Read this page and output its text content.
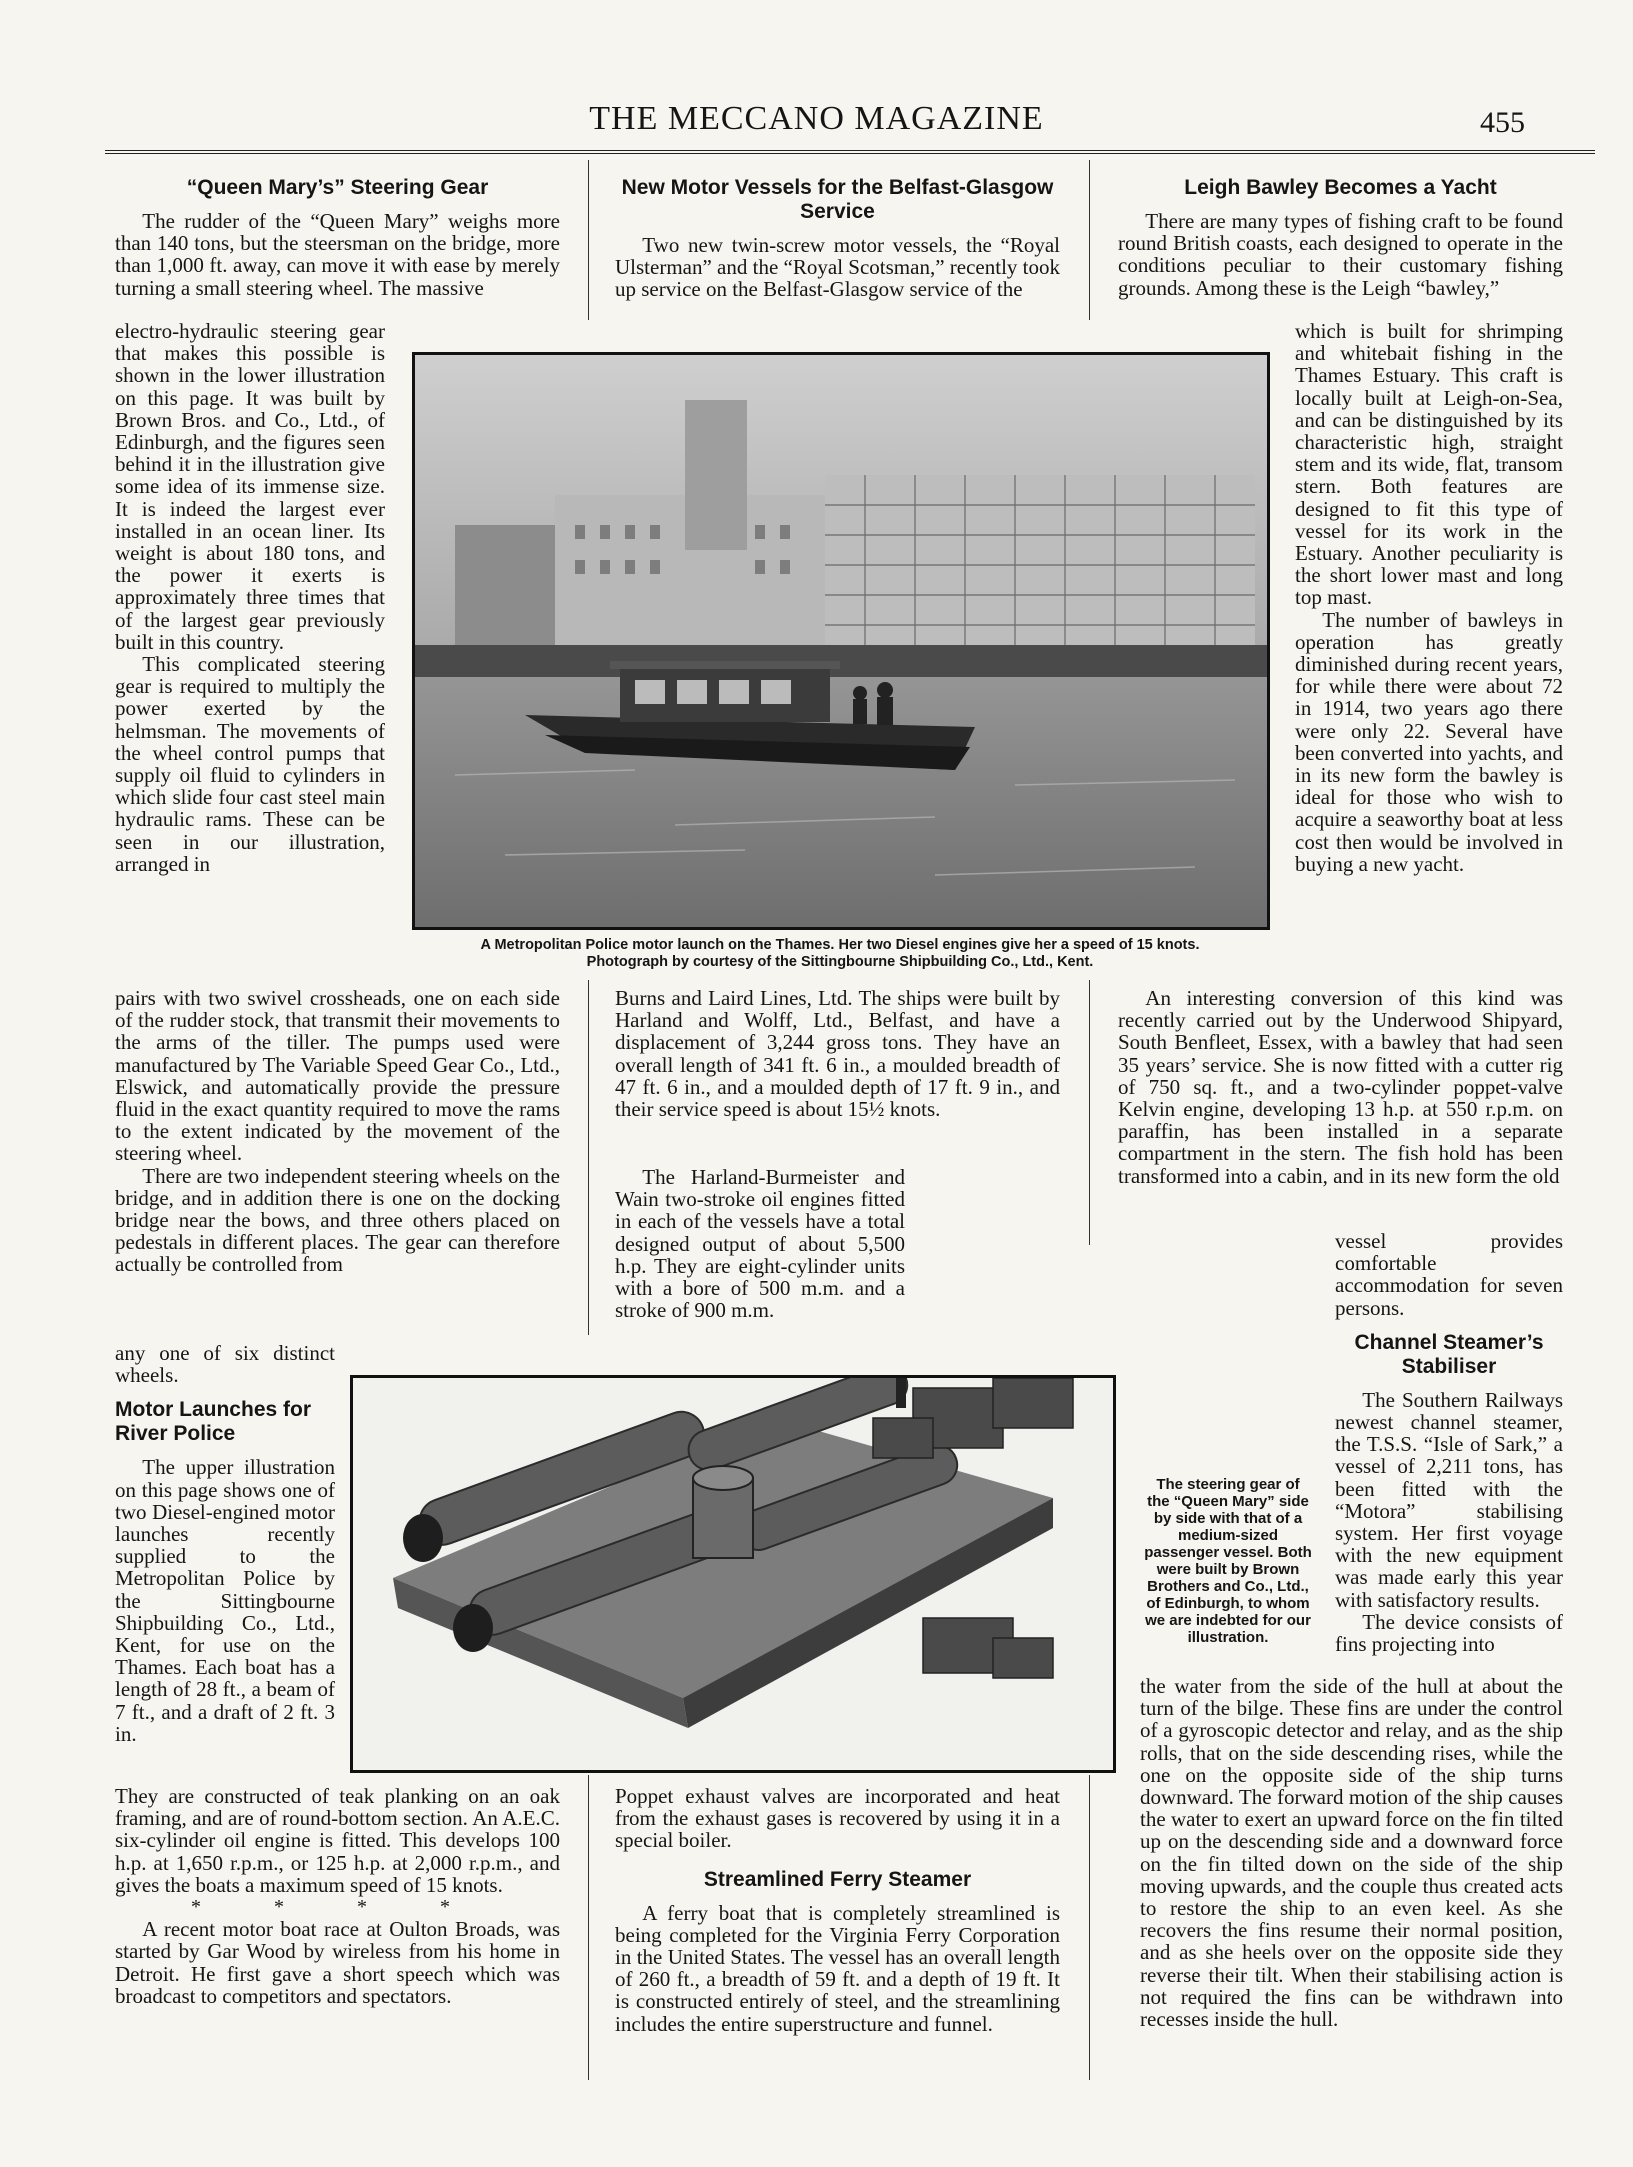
THE MECCANO MAGAZINE	455
“Queen Mary’s” Steering Gear

The rudder of the “Queen Mary” weighs more than 140 tons, but the steersman on the bridge, more than 1,000 ft. away, can move it with ease by merely turning a small steering wheel. The massive

electro-hydraulic steering gear that makes this possible is shown in the lower illustration on this page. It was built by Brown Bros. and Co., Ltd., of Edinburgh, and the figures seen behind it in the illustration give some idea of its immense size. It is indeed the largest ever installed in an ocean liner. Its weight is about 180 tons, and the power it exerts is approximately three times that of the largest gear previously built in this country.

This complicated steering gear is required to multiply the power exerted by the helmsman. The movements of the wheel control pumps that supply oil fluid to cylinders in which slide four cast steel main hydraulic rams. These can be seen in our illustration, arranged in

pairs with two swivel crossheads, one on each side of the rudder stock, that transmit their movements to the arms of the tiller. The pumps used were manufactured by The Variable Speed Gear Co., Ltd., Elswick, and automatically provide the pressure fluid in the exact quantity required to move the rams to the extent indicated by the movement of the steering wheel.

There are two independent steering wheels on the bridge, and in addition there is one on the docking bridge near the bows, and three others placed on pedestals in different places. The gear can therefore actually be controlled from

any one of six distinct wheels.

Motor Launches for River Police

The upper illustration on this page shows one of two Diesel-engined motor launches recently supplied to the Metropolitan Police by the Sittingbourne Shipbuilding Co., Ltd., Kent, for use on the Thames. Each boat has a length of 28 ft., a beam of 7 ft., and a draft of 2 ft. 3 in.

They are constructed of teak planking on an oak framing, and are of round-bottom section. An A.E.C. six-cylinder oil engine is fitted. This develops 100 h.p. at 1,650 r.p.m., or 125 h.p. at 2,000 r.p.m., and gives the boats a maximum speed of 15 knots.

* * * *

A recent motor boat race at Oulton Broads, was started by Gar Wood by wireless from his home in Detroit. He first gave a short speech which was broadcast to competitors and spectators.

New Motor Vessels for the Belfast-Glasgow Service

Two new twin-screw motor vessels, the “Royal Ulsterman” and the “Royal Scotsman,” recently took up service on the Belfast-Glasgow service of the

Burns and Laird Lines, Ltd. The ships were built by Harland and Wolff, Ltd., Belfast, and have a displacement of 3,244 gross tons. They have an overall length of 341 ft. 6 in., a moulded breadth of 47 ft. 6 in., and a moulded depth of 17 ft. 9 in., and their service speed is about 15½ knots.

The Harland-Burmeister and Wain two-stroke oil engines fitted in each of the vessels have a total designed output of about 5,500 h.p. They are eight-cylinder units with a bore of 500 m.m. and a stroke of 900 m.m.

Poppet exhaust valves are incorporated and heat from the exhaust gases is recovered by using it in a special boiler.

Streamlined Ferry Steamer

A ferry boat that is completely streamlined is being completed for the Virginia Ferry Corporation in the United States. The vessel has an overall length of 260 ft., a breadth of 59 ft. and a depth of 19 ft. It is constructed entirely of steel, and the streamlining includes the entire superstructure and funnel.

Leigh Bawley Becomes a Yacht

There are many types of fishing craft to be found round British coasts, each designed to operate in the conditions peculiar to their customary fishing grounds. Among these is the Leigh “bawley,”

which is built for shrimping and whitebait fishing in the Thames Estuary. This craft is locally built at Leigh-on-Sea, and can be distinguished by its characteristic high, straight stem and its wide, flat, transom stern. Both features are designed to fit this type of vessel for its work in the Estuary. Another peculiarity is the short lower mast and long top mast.

The number of bawleys in operation has greatly diminished during recent years, for while there were about 72 in 1914, two years ago there were only 22. Several have been converted into yachts, and in its new form the bawley is ideal for those who wish to acquire a seaworthy boat at less cost then would be involved in buying a new yacht.

An interesting conversion of this kind was recently carried out by the Underwood Shipyard, South Benfleet, Essex, with a bawley that had seen 35 years’ service. She is now fitted with a cutter rig of 750 sq. ft., and a two-cylinder poppet-valve Kelvin engine, developing 13 h.p. at 550 r.p.m. on paraffin, has been installed in a separate compartment in the stern. The fish hold has been transformed into a cabin, and in its new form the old

vessel provides comfortable accommodation for seven persons.

Channel Steamer’s Stabiliser

The Southern Railways newest channel steamer, the T.S.S. “Isle of Sark,” a vessel of 2,211 tons, has been fitted with the “Motora” stabilising system. Her first voyage with the new equipment was made early this year with satisfactory results.

The device consists of fins projecting into

the water from the side of the hull at about the turn of the bilge. These fins are under the control of a gyroscopic detector and relay, and as the ship rolls, that on the side descending rises, while the one on the opposite side of the ship turns downward. The forward motion of the ship causes the water to exert an upward force on the fin tilted up on the descending side and a downward force on the fin tilted down on the side of the ship moving upwards, and the couple thus created acts to restore the ship to an even keel. As she recovers the fins resume their normal position, and as she heels over on the opposite side they reverse their tilt. When their stabilising action is not required the fins can be withdrawn into recesses inside the hull.

A Metropolitan Police motor launch on the Thames. Her two Diesel engines give her a speed of 15 knots.
Photograph by courtesy of the Sittingbourne Shipbuilding Co., Ltd., Kent.
The steering gear of the “Queen Mary” side by side with that of a medium-sized passenger vessel. Both were built by Brown Brothers and Co., Ltd., of Edinburgh, to whom we are indebted for our illustration.
